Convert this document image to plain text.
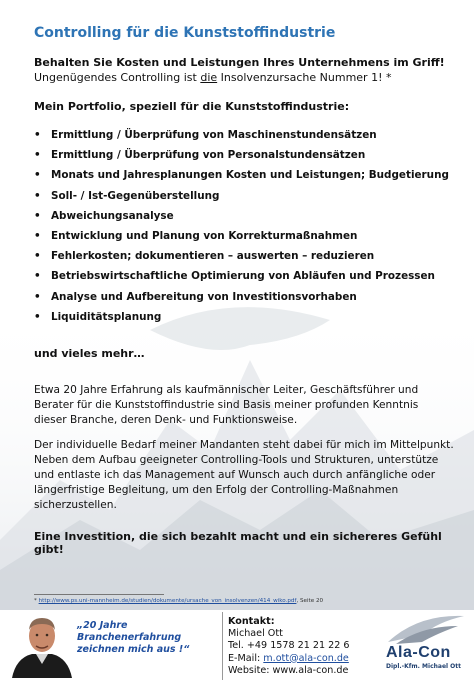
Controlling für die Kunststoffindustrie
Behalten Sie Kosten und Leistungen Ihres Unternehmens im Griff!
Ungenügendes Controlling ist die Insolvenzursache Nummer 1! *
Mein Portfolio, speziell für die Kunststoffindustrie:
• Ermittlung / Überprüfung von Maschinenstundensätzen
• Ermittlung / Überprüfung von Personalstundensätzen
• Monats und Jahresplanungen Kosten und Leistungen; Budgetierung
• Soll- / Ist-Gegenüberstellung
• Abweichungsanalyse
• Entwicklung und Planung von Korrekturmaßnahmen
• Fehlerkosten; dokumentieren – auswerten – reduzieren
• Betriebswirtschaftliche Optimierung von Abläufen und Prozessen
• Analyse und Aufbereitung von Investitionsvorhaben
• Liquiditätsplanung
und vieles mehr…
Etwa 20 Jahre Erfahrung als kaufmännischer Leiter, Geschäftsführer und Berater für die Kunststoffindustrie sind Basis meiner profunden Kenntnis dieser Branche, deren Denk- und Funktionsweise.
Der individuelle Bedarf meiner Mandanten steht dabei für mich im Mittelpunkt. Neben dem Aufbau geeigneter Controlling-Tools und Strukturen, unterstütze und entlaste ich das Management auf Wunsch auch durch anfängliche oder längerfristige Begleitung, um den Erfolg der Controlling-Maßnahmen sicherzustellen.
Eine Investition, die sich bezahlt macht und ein sichereres Gefühl gibt!
* http://www.ps.uni-mannheim.de/studien/dokumente/ursache_von_insolvenzen/414_wiko.pdf, Seite 20
„20 Jahre Branchenerfahrung zeichnen mich aus !“
Kontakt:
Michael Ott
Tel. +49 1578 21 21 22 6
E-Mail: m.ott@ala-con.de
Website: www.ala-con.de
Ala-Con
Dipl.-Kfm. Michael Ott
